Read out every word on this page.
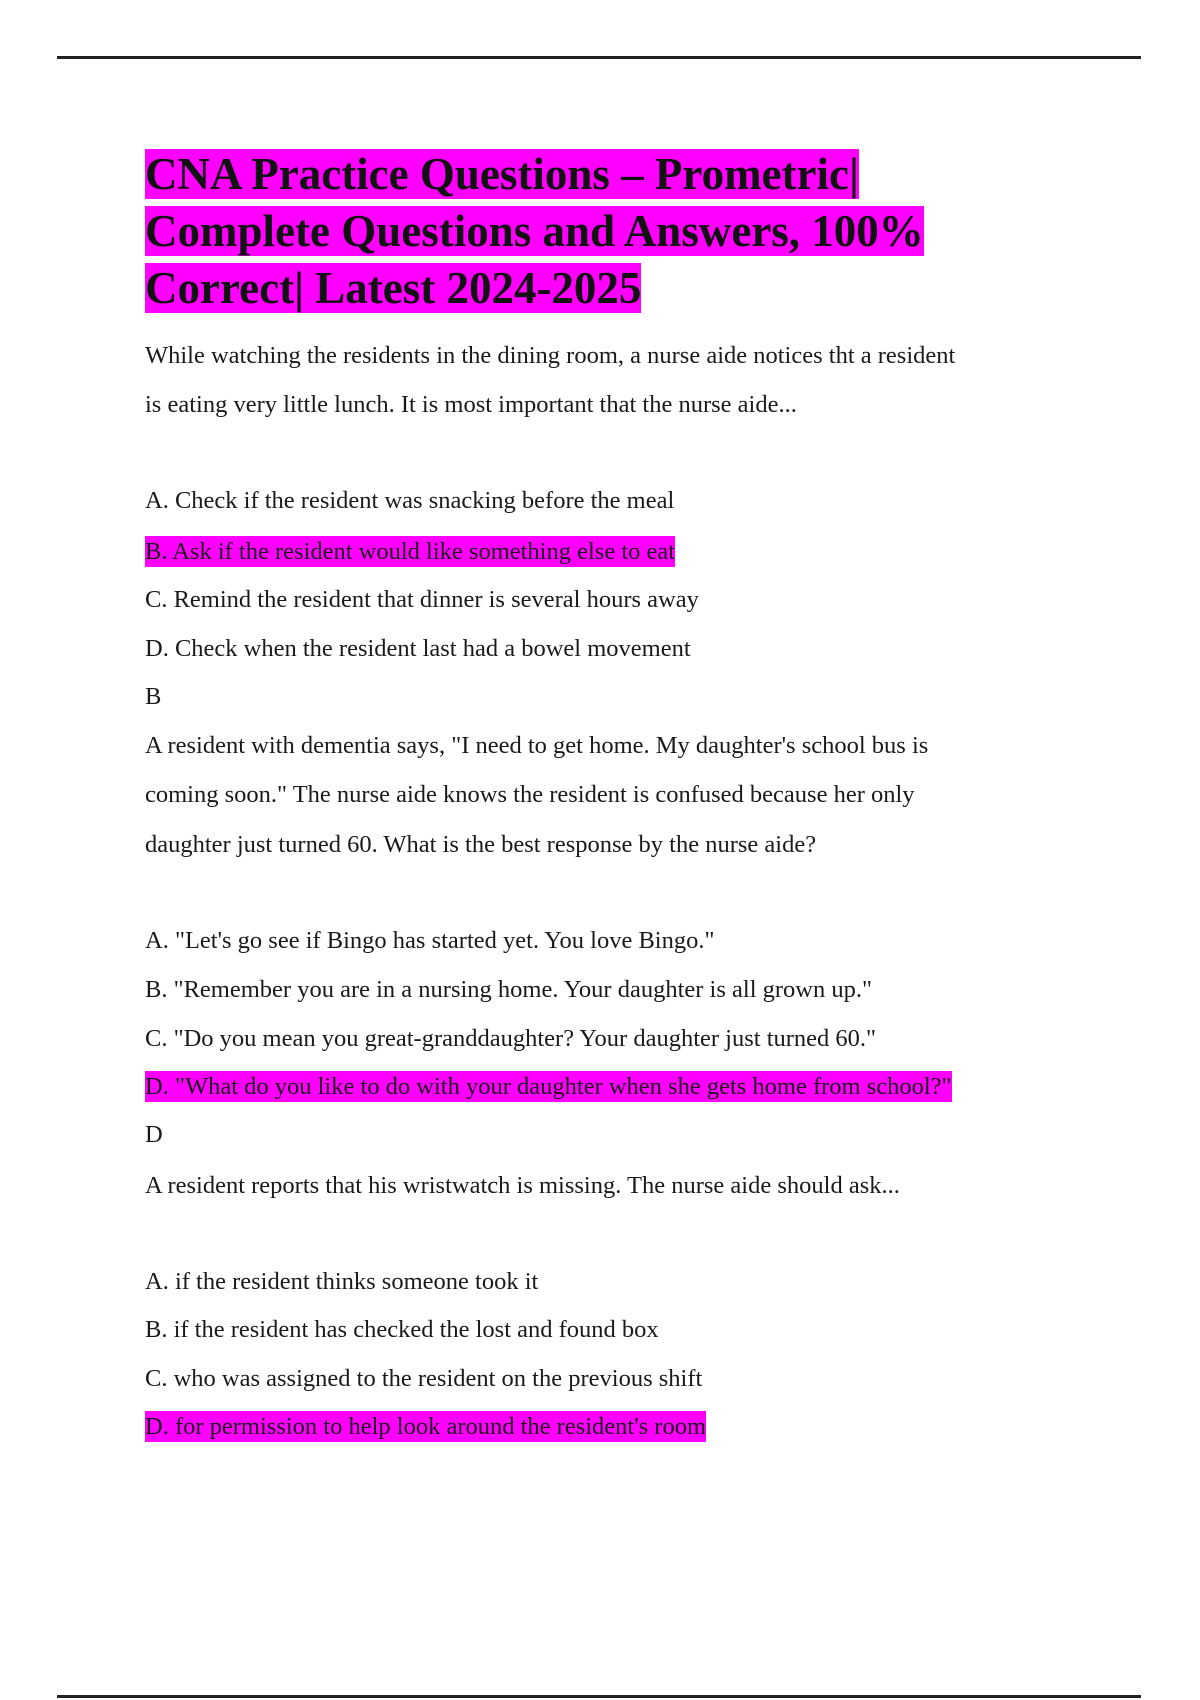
CNA Practice Questions – Prometric|
Complete Questions and Answers, 100%
Correct| Latest 2024-2025
While watching the residents in the dining room, a nurse aide notices tht a resident
is eating very little lunch. It is most important that the nurse aide...
A. Check if the resident was snacking before the meal
B. Ask if the resident would like something else to eat
C. Remind the resident that dinner is several hours away
D. Check when the resident last had a bowel movement
B
A resident with dementia says, "I need to get home. My daughter's school bus is
coming soon." The nurse aide knows the resident is confused because her only
daughter just turned 60. What is the best response by the nurse aide?
A. "Let's go see if Bingo has started yet. You love Bingo."
B. "Remember you are in a nursing home. Your daughter is all grown up."
C. "Do you mean you great-granddaughter? Your daughter just turned 60."
D. "What do you like to do with your daughter when she gets home from school?"
D
A resident reports that his wristwatch is missing. The nurse aide should ask...
A. if the resident thinks someone took it
B. if the resident has checked the lost and found box
C. who was assigned to the resident on the previous shift
D. for permission to help look around the resident's room
